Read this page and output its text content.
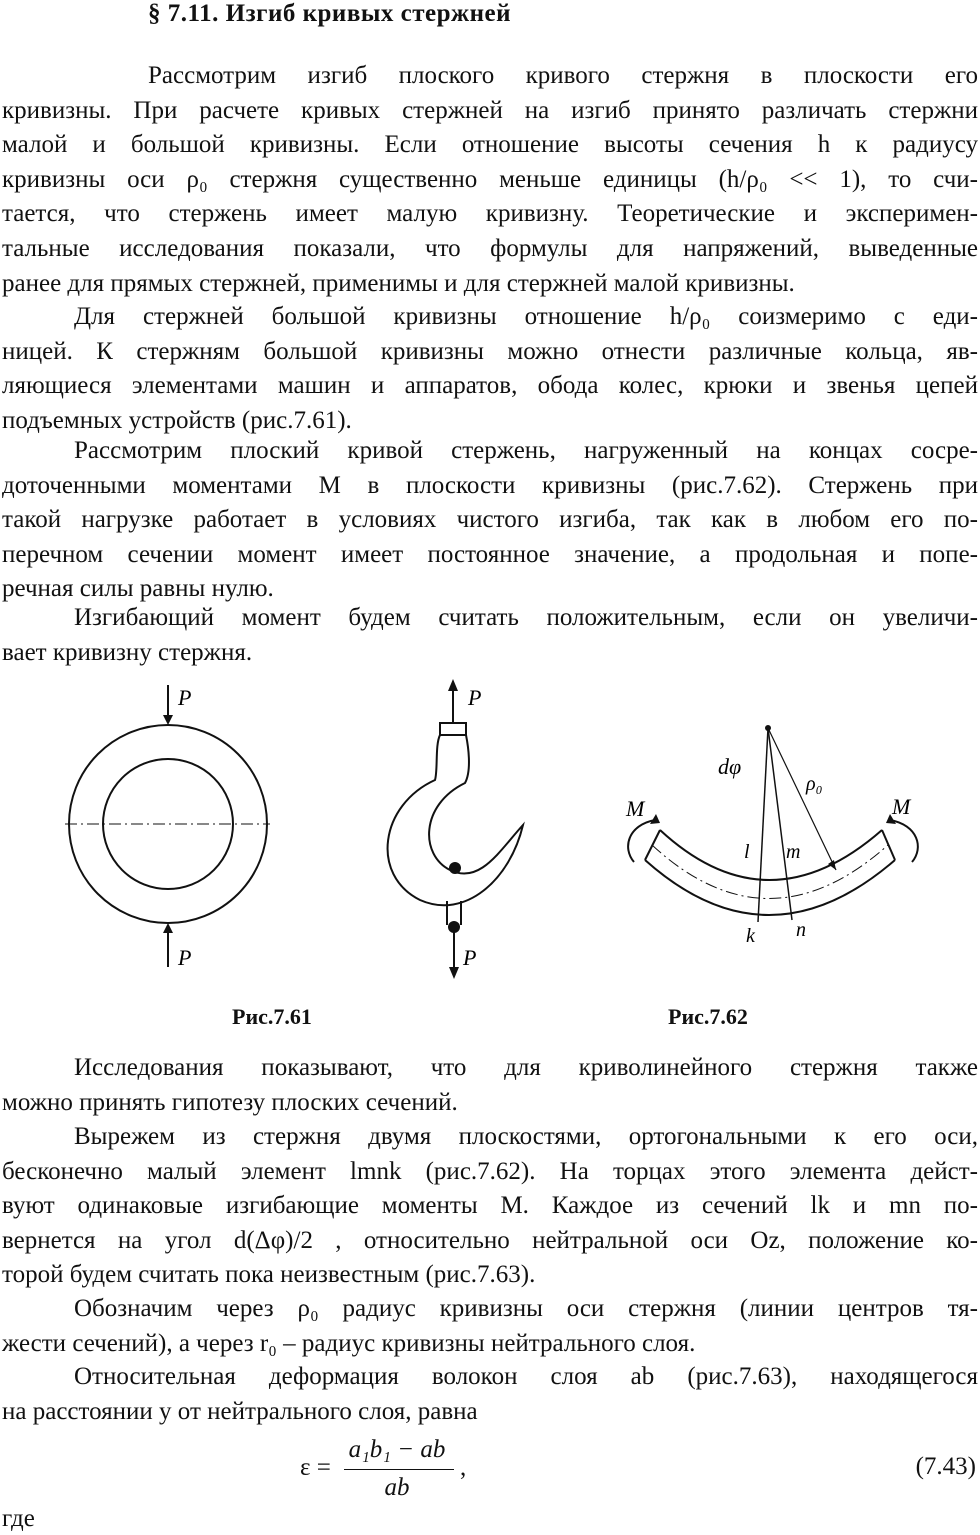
§ 7.11. Изгиб кривых стержней
Рассмотрим изгиб плоского кривого стержня в плоскости его
кривизны. При расчете кривых стержней на изгиб принято различать стержни
малой и большой кривизны. Если отношение высоты сечения h к радиусу
кривизны оси ρ₀ стержня существенно меньше единицы (h/ρ₀ << 1), то счи-
тается, что стержень имеет малую кривизну. Теоретические и эксперимен-
тальные исследования показали, что формулы для напряжений, выведенные
ранее для прямых стержней, применимы и для стержней малой кривизны.
Для стержней большой кривизны отношение h/ρ₀ соизмеримо с еди-
ницей. К стержням большой кривизны можно отнести различные кольца, яв-
ляющиеся элементами машин и аппаратов, обода колес, крюки и звенья цепей
подъемных устройств (рис.7.61).
Рассмотрим плоский кривой стержень, нагруженный на концах сосре-
доточенными моментами M в плоскости кривизны (рис.7.62). Стержень при
такой нагрузке работает в условиях чистого изгиба, так как в любом его по-
перечном сечении момент имеет постоянное значение, а продольная и попе-
речная силы равны нулю.
Изгибающий момент будем считать положительным, если он увеличи-
вает кривизну стержня.
P
P
P
P
dφ
ρ₀
M	M
l m
k n
Рис.7.61	Рис.7.62
Исследования показывают, что для криволинейного стержня также
можно принять гипотезу плоских сечений.
Вырежем из стержня двумя плоскостями, ортогональными к его оси,
бесконечно малый элемент lmnk (рис.7.62). На торцах этого элемента дейст-
вуют одинаковые изгибающие моменты M. Каждое из сечений lk и mn по-
вернется на угол d(Δφ)/2 , относительно нейтральной оси Oz, положение ко-
торой будем считать пока неизвестным (рис.7.63).
Обозначим через ρ₀ радиус кривизны оси стержня (линии центров тя-
жести сечений), а через r₀ – радиус кривизны нейтрального слоя.
Относительная деформация волокон слоя ab (рис.7.63), находящегося
на расстоянии y от нейтрального слоя, равна
ε =
a₁b₁ − ab
ab
,	(7.43)
где
